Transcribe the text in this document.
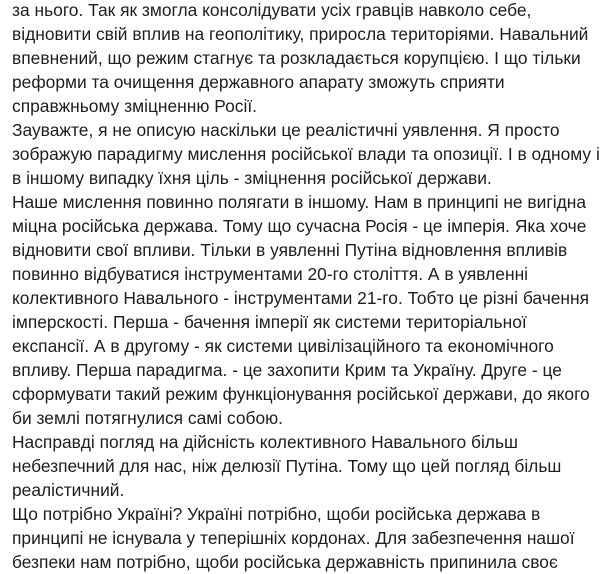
за нього. Так як змогла консолідувати усіх гравців навколо себе,
відновити свій вплив на геополітику, приросла територіями. Навальний
впевнений, що режим стагнує та розкладається корупцією. І що тільки
реформи та очищення державного апарату зможуть сприяти
справжньому зміцненню Росії.
Зауважте, я не описую наскільки це реалістичні уявлення. Я просто
зображую парадигму мислення російської влади та опозиції. І в одному і
в іншому випадку їхня ціль - зміцнення російської держави.
Наше мислення повинно полягати в іншому. Нам в принципі не вигідна
міцна російська держава. Тому що сучасна Росія - це імперія. Яка хоче
відновити свої впливи. Тільки в уявленні Путіна відновлення впливів
повинно відбуватися інструментами 20-го століття. А в уявленні
колективного Навального - інструментами 21-го. Тобто це різні бачення
імперскості. Перша - бачення імперії як системи територіальної
експансії. А в другому - як системи цивілізаційного та економічного
впливу. Перша парадигма. - це захопити Крим та Україну. Друге - це
сформувати такий режим функціонування російської держави, до якого
би землі потягнулися самі собою.
Насправді погляд на дійсність колективного Навального більш
небезпечний для нас, ніж делюзії Путіна. Тому що цей погляд більш
реалістичний.
Що потрібно Україні? Україні потрібно, щоби російська держава в
принципі не існувала у теперішніх кордонах. Для забезпечення нашої
безпеки нам потрібно, щоби російська державність припинила своє
